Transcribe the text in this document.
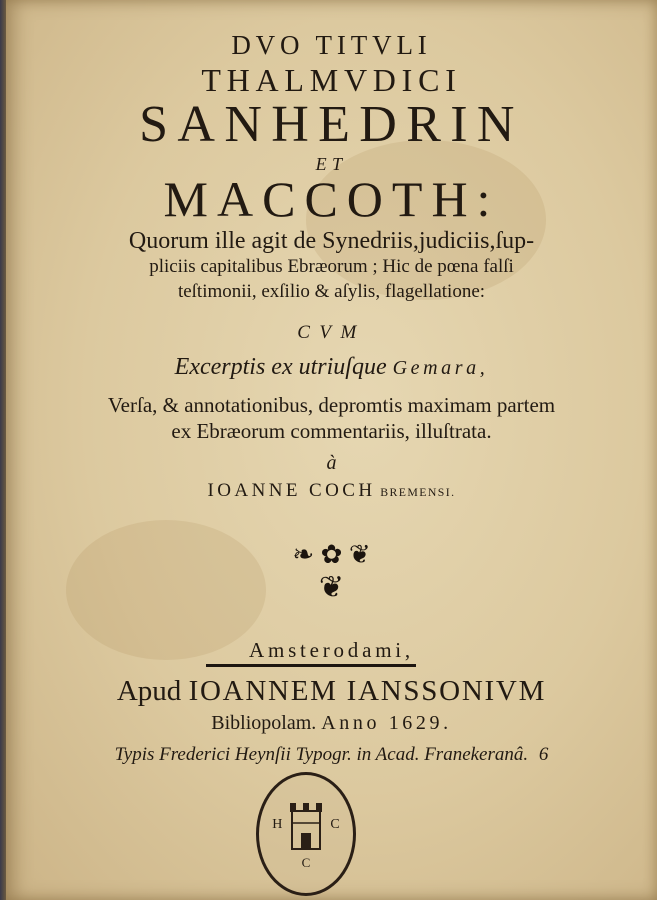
DVO TITVLI
THALMVDICI
SANHEDRIN
ET
MACCOTH:
Quorum ille agit de Synedriis,judiciis,ſup-
pliciis capitalibus Ebræorum ; Hic de pœna falſi
teſtimonii, exſilio & aſylis, flagellatione:
CVM
Excerptis ex utriuſque Gemara,
Verſa, & annotationibus, depromtis maximam partem
ex Ebræorum commentariis, illuſtrata.
à
IOANNE COCH BREMENSI.
❧ ✿ ❦
❦
Amsterodami,
Apud IOANNEM IANSSONIVM
Bibliopolam. Anno 1629.
Typis Frederici Heynſii Typogr. in Acad. Franekeranâ. 6
H	C
C
